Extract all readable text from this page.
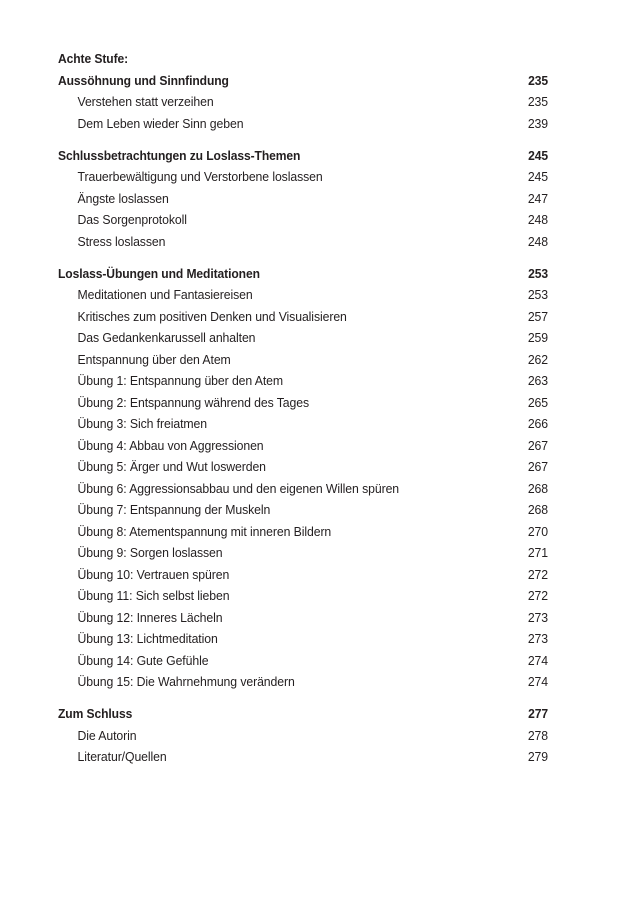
Achte Stufe:
Aussöhnung und Sinnfindung	235
Verstehen statt verzeihen	235
Dem Leben wieder Sinn geben	239
Schlussbetrachtungen zu Loslass-Themen	245
Trauerbewältigung und Verstorbene loslassen	245
Ängste loslassen	247
Das Sorgenprotokoll	248
Stress loslassen	248
Loslass-Übungen und Meditationen	253
Meditationen und Fantasiereisen	253
Kritisches zum positiven Denken und Visualisieren	257
Das Gedankenkarussell anhalten	259
Entspannung über den Atem	262
Übung 1: Entspannung über den Atem	263
Übung 2: Entspannung während des Tages	265
Übung 3: Sich freiatmen	266
Übung 4: Abbau von Aggressionen	267
Übung 5: Ärger und Wut loswerden	267
Übung 6: Aggressionsabbau und den eigenen Willen spüren	268
Übung 7: Entspannung der Muskeln	268
Übung 8: Atementspannung mit inneren Bildern	270
Übung 9: Sorgen loslassen	271
Übung 10: Vertrauen spüren	272
Übung 11: Sich selbst lieben	272
Übung 12: Inneres Lächeln	273
Übung 13: Lichtmeditation	273
Übung 14: Gute Gefühle	274
Übung 15: Die Wahrnehmung verändern	274
Zum Schluss	277
Die Autorin	278
Literatur/Quellen	279
